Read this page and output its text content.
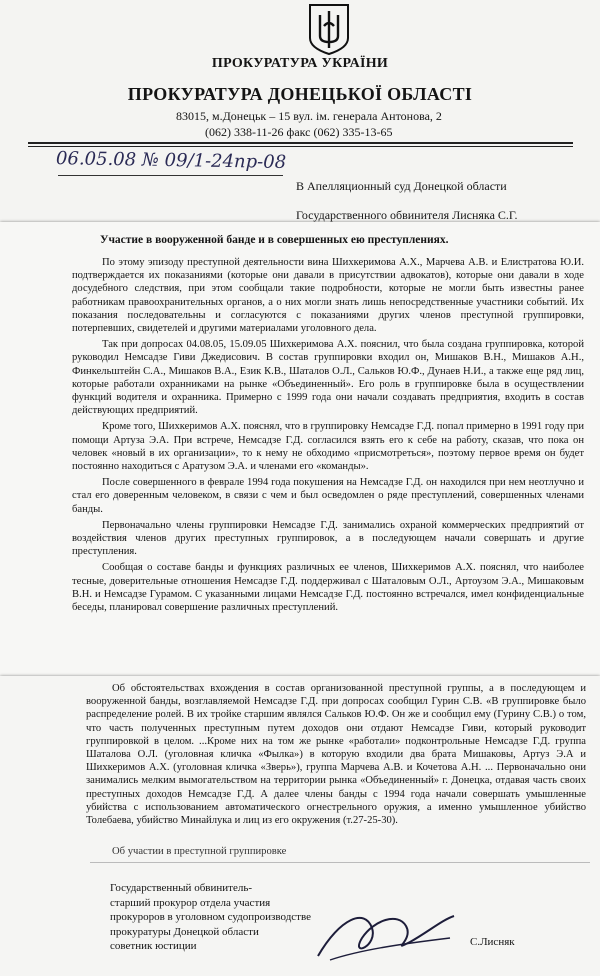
ПРОКУРАТУРА УКРАЇНИ
ПРОКУРАТУРА ДОНЕЦЬКОЇ ОБЛАСТІ
83015, м.Донецьк – 15 вул. ім. генерала Антонова, 2
(062) 338-11-26 факс (062) 335-13-65
06.05.08 № 09/1-24пр-08
В Апелляционный суд Донецкой области
Государственного обвинителя Лисняка С.Г.
Участие в вооруженной банде и в совершенных ею преступлениях.

По этому эпизоду преступной деятельности вина Шихкеримова А.Х., Марчева А.В. и Елистратова Ю.И. подтверждается их показаниями (которые они давали в присутствии адвокатов), которые они давали в ходе досудебного следствия, при этом сообщали такие подробности, которые не могли быть известны ранее работникам правоохранительных органов, а о них могли знать лишь непосредственные участники событий. Их показания последовательны и согласуются с показаниями других членов преступной группировки, потерпевших, свидетелей и другими материалами уголовного дела.

Так при допросах 04.08.05, 15.09.05 Шихкеримова А.Х. пояснил, что была создана группировка, которой руководил Немсадзе Гиви Джедисович. В состав группировки входил он, Мишаков В.Н., Мишаков А.Н., Финкельштейн С.А., Мишаков В.А., Език К.В., Шаталов О.Л., Сальков Ю.Ф., Дунаев Н.И., а также еще ряд лиц, которые работали охранниками на рынке «Объединенный». Его роль в группировке была в осуществлении функций водителя и охранника. Примерно с 1999 года они начали создавать предприятия, входить в состав действующих предприятий.

Кроме того, Шихкеримов А.Х. пояснял, что в группировку Немсадзе Г.Д. попал примерно в 1991 году при помощи Артуза Э.А. При встрече, Немсадзе Г.Д. согласился взять его к себе на работу, сказав, что пока он человек «новый в их организации», то к нему не обходимо «присмотреться», поэтому первое время он будет постоянно находиться с Аратузом Э.А. и членами его «команды».

После совершенного в феврале 1994 года покушения на Немсадзе Г.Д. он находился при нем неотлучно и стал его доверенным человеком, в связи с чем и был осведомлен о ряде преступлений, совершенных членами банды.

Первоначально члены группировки Немсадзе Г.Д. занимались охраной коммерческих предприятий от воздействия членов других преступных группировок, а в последующем начали совершать и другие преступления.

Сообщая о составе банды и функциях различных ее членов, Шихкеримов А.Х. пояснял, что наиболее тесные, доверительные отношения Немсадзе Г.Д. поддерживал с Шаталовым О.Л., Артоузом Э.А., Мишаковым В.Н. и Немсадзе Гурамом. С указанными лицами Немсадзе Г.Д. постоянно встречался, имел конфиденциальные беседы, планировал совершение различных преступлений.

Об обстоятельствах вхождения в состав организованной преступной группы, а в последующем и вооруженной банды, возглавляемой Немсадзе Г.Д. при допросах сообщил Гурин С.В. «В группировке было распределение ролей. В их тройке старшим являлся Сальков Ю.Ф. Он же и сообщил ему (Гурину С.В.) о том, что часть полученных преступным путем доходов они отдают Немсадзе Гиви, который руководит группировкой в целом. ...Кроме них на том же рынке «работали» подконтрольные Немсадзе Г.Д. группа Шаталова О.Л. (уголовная кличка «Фылка») в которую входили два брата Мишаковы, Артуз Э.А и Шихкеримов А.Х. (уголовная кличка «Зверь»), группа Марчева А.В. и Кочетова А.Н. ... Первоначально они занимались мелким вымогательством на территории рынка «Объединенный» г. Донецка, отдавая часть своих преступных доходов Немсадзе Г.Д. А далее члены банды с 1994 года начали совершать умышленные убийства с использованием автоматического огнестрельного оружия, а именно умышленное убийство Толебаева, убийство Минайлука и лиц из его окружения (т.27-25-30).

Об участии в преступной группировке
Государственный обвинитель-
старший прокурор отдела участия
прокуроров в уголовном судопроизводстве
прокуратуры Донецкой области
советник юстиции	С.Лисняк
